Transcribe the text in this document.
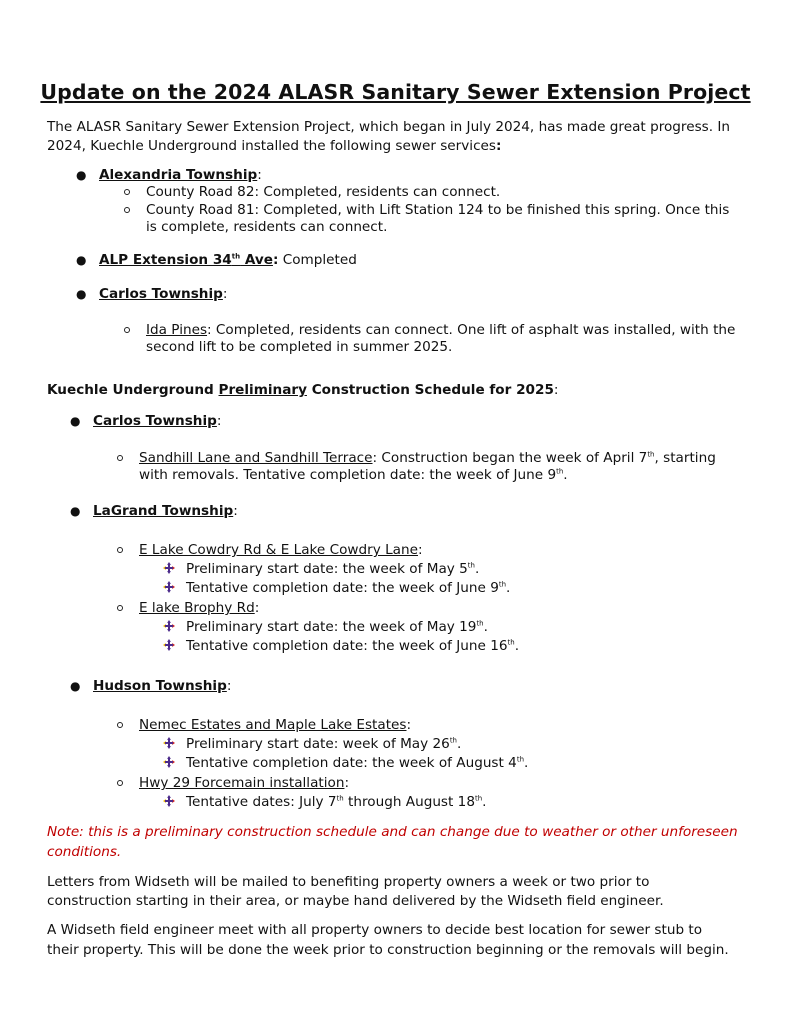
Update on the 2024 ALASR Sanitary Sewer Extension Project
The ALASR Sanitary Sewer Extension Project, which began in July 2024, has made great progress. In
2024, Kuechle Underground installed the following sewer services:
● Alexandria Township:
County Road 82: Completed, residents can connect.
County Road 81: Completed, with Lift Station 124 to be finished this spring. Once this
is complete, residents can connect.
● ALP Extension 34th Ave: Completed
● Carlos Township:
Ida Pines: Completed, residents can connect. One lift of asphalt was installed, with the
second lift to be completed in summer 2025.
Kuechle Underground Preliminary Construction Schedule for 2025:
● Carlos Township:
Sandhill Lane and Sandhill Terrace: Construction began the week of April 7th, starting
with removals. Tentative completion date: the week of June 9th.
● LaGrand Township:
E Lake Cowdry Rd & E Lake Cowdry Lane:
Preliminary start date: the week of May 5th.
Tentative completion date: the week of June 9th.
E lake Brophy Rd:
Preliminary start date: the week of May 19th.
Tentative completion date: the week of June 16th.
● Hudson Township:
Nemec Estates and Maple Lake Estates:
Preliminary start date: week of May 26th.
Tentative completion date: the week of August 4th.
Hwy 29 Forcemain installation:
Tentative dates: July 7th through August 18th.
Note: this is a preliminary construction schedule and can change due to weather or other unforeseen
conditions.
Letters from Widseth will be mailed to benefiting property owners a week or two prior to
construction starting in their area, or maybe hand delivered by the Widseth field engineer.
A Widseth field engineer meet with all property owners to decide best location for sewer stub to
their property. This will be done the week prior to construction beginning or the removals will begin.
